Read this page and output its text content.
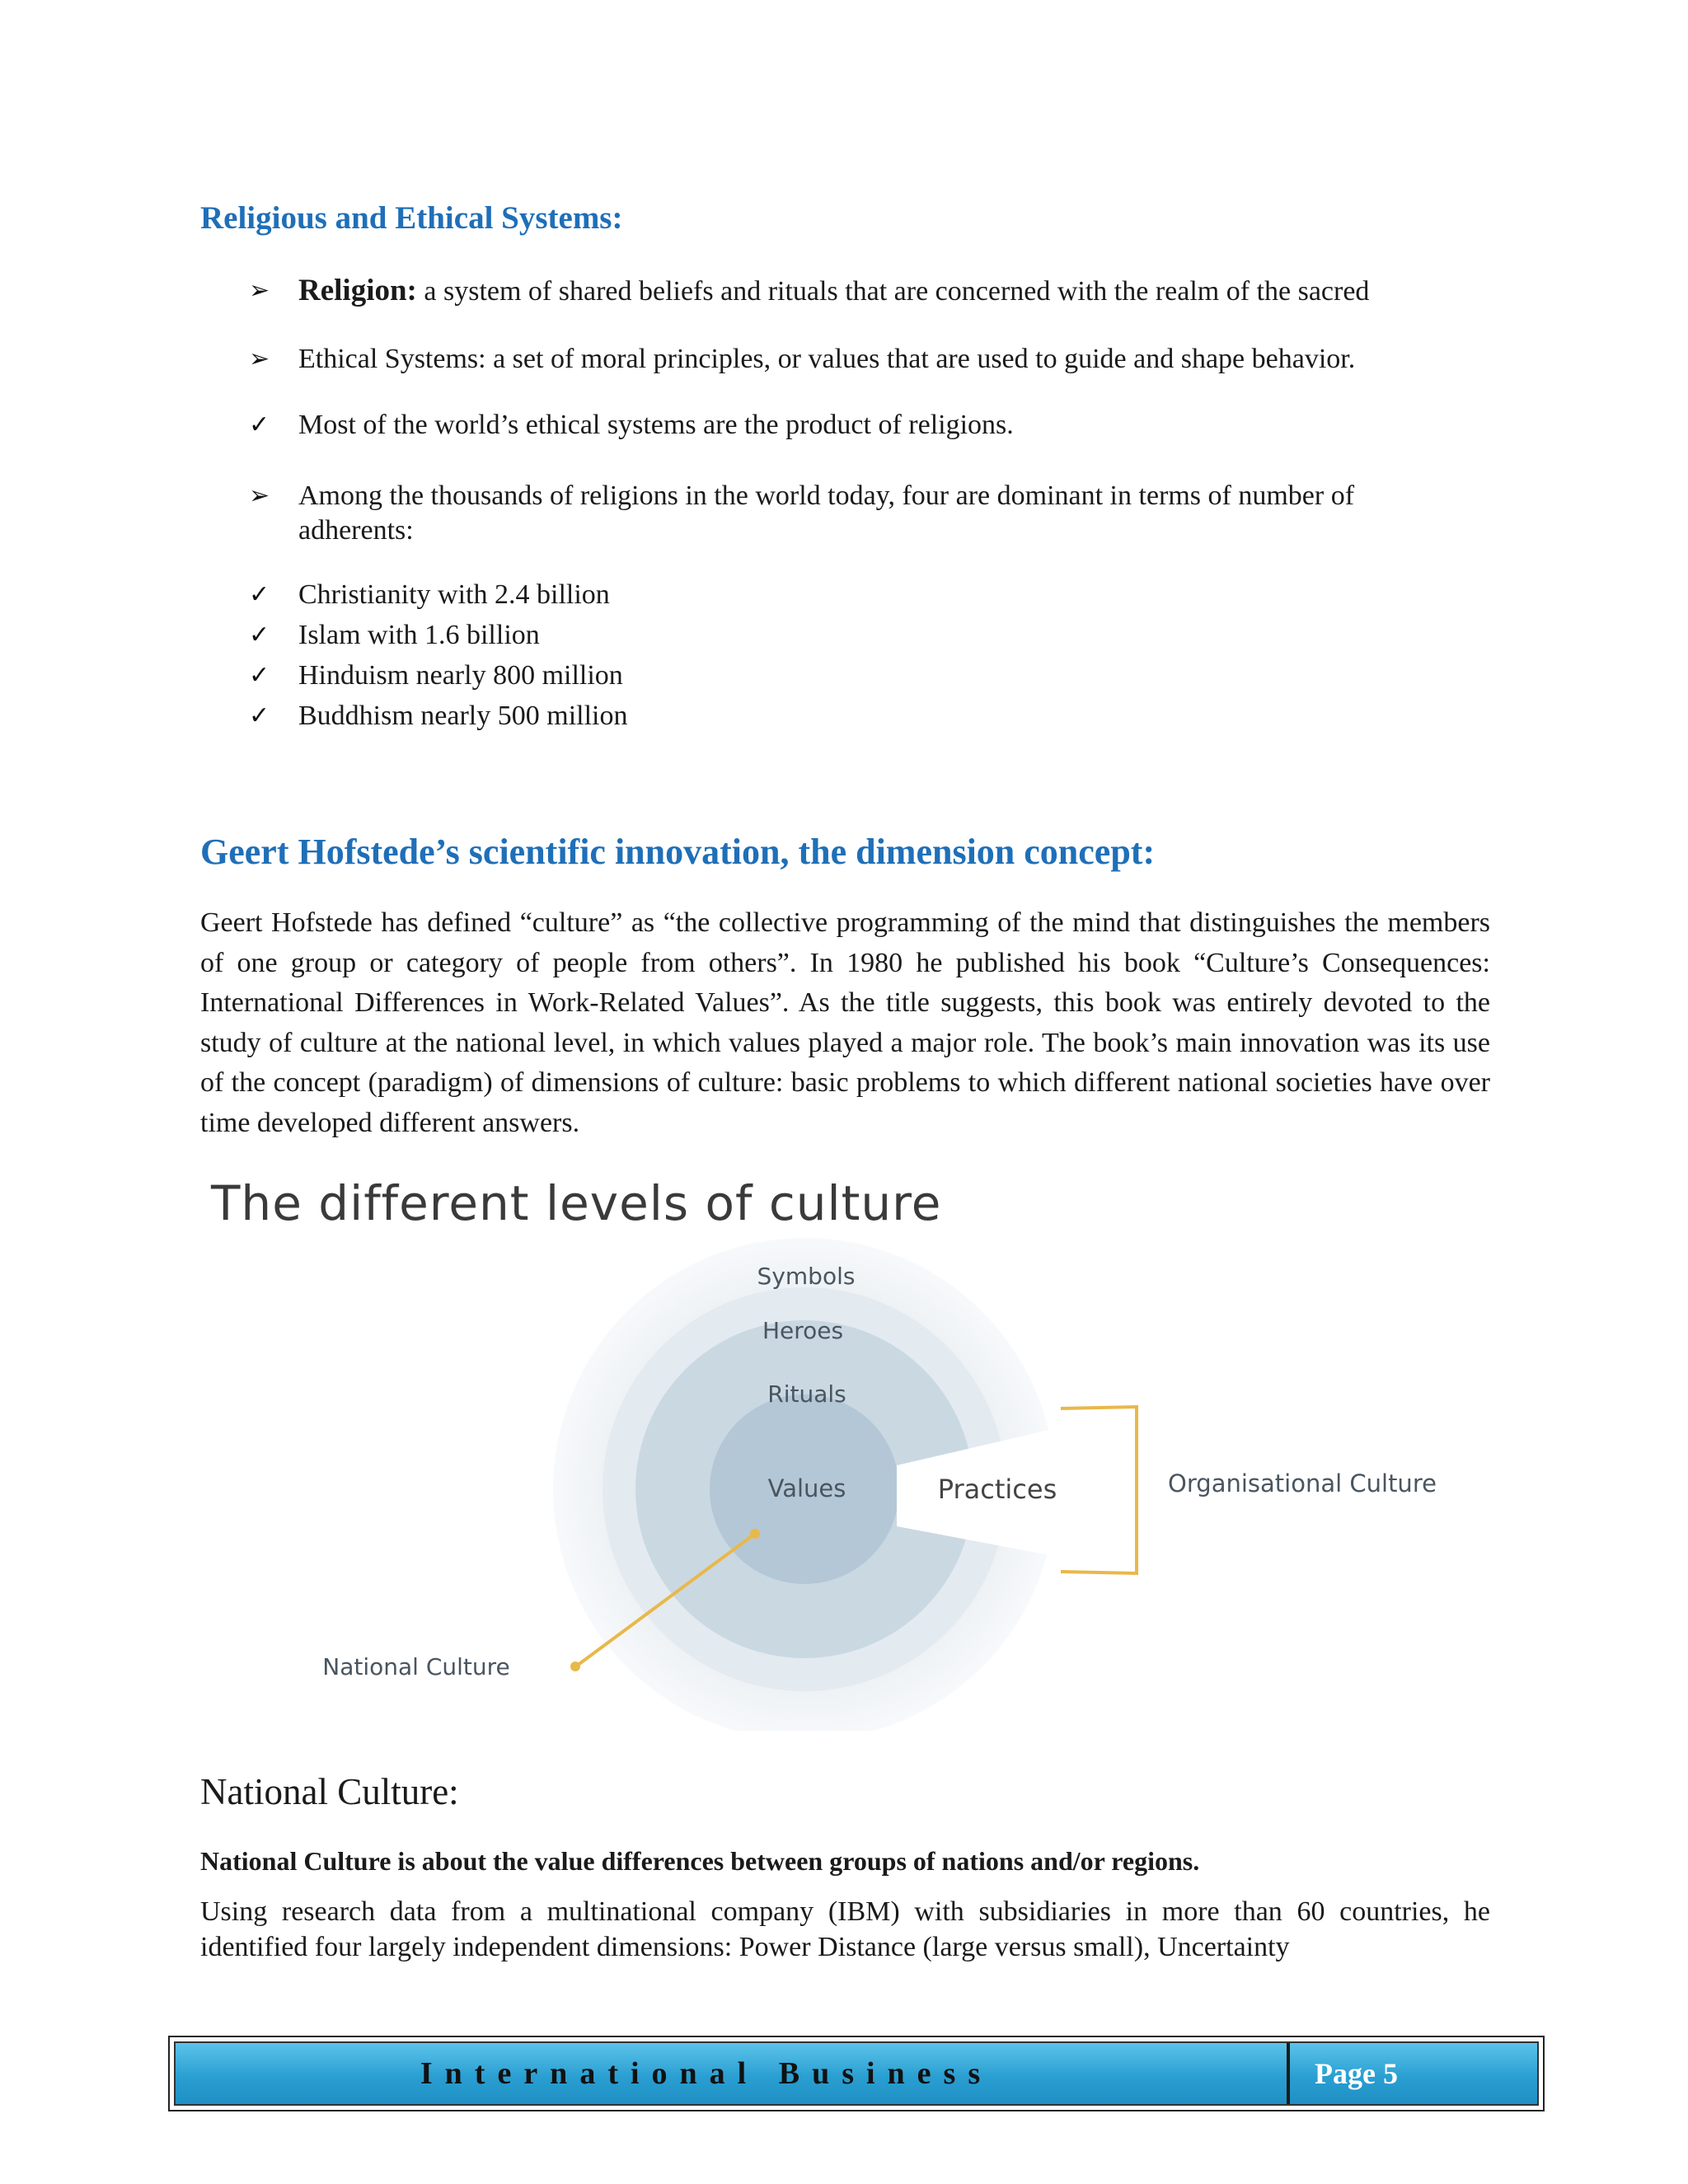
Religious and Ethical Systems:
➢ Religion: a system of shared beliefs and rituals that are concerned with the realm of the sacred
➢	Ethical Systems: a set of moral principles, or values that are used to guide and shape behavior.
✓	Most of the world’s ethical systems are the product of religions.
➢	Among the thousands of religions in the world today, four are dominant in terms of number of adherents:
✓	Christianity with 2.4 billion
✓	Islam with 1.6 billion
✓	Hinduism nearly 800 million
✓	Buddhism nearly 500 million
Geert Hofstede’s scientific innovation, the dimension concept:
Geert Hofstede has defined “culture” as “the collective programming of the mind that distinguishes the members of one group or category of people from others”. In 1980 he published his book “Culture’s Consequences: International Differences in Work-Related Values”. As the title suggests, this book was entirely devoted to the study of culture at the national level, in which values played a major role. The book’s main innovation was its use of the concept (paradigm) of dimensions of culture: basic problems to which different national societies have over time developed different answers.
The different levels of culture
Symbols
Heroes
Rituals
Values	Practices	Organisational Culture
National Culture
National Culture:
National Culture is about the value differences between groups of nations and/or regions.
Using research data from a multinational company (IBM) with subsidiaries in more than 60 countries, he identified four largely independent dimensions: Power Distance (large versus small), Uncertainty
International Business	Page 5
